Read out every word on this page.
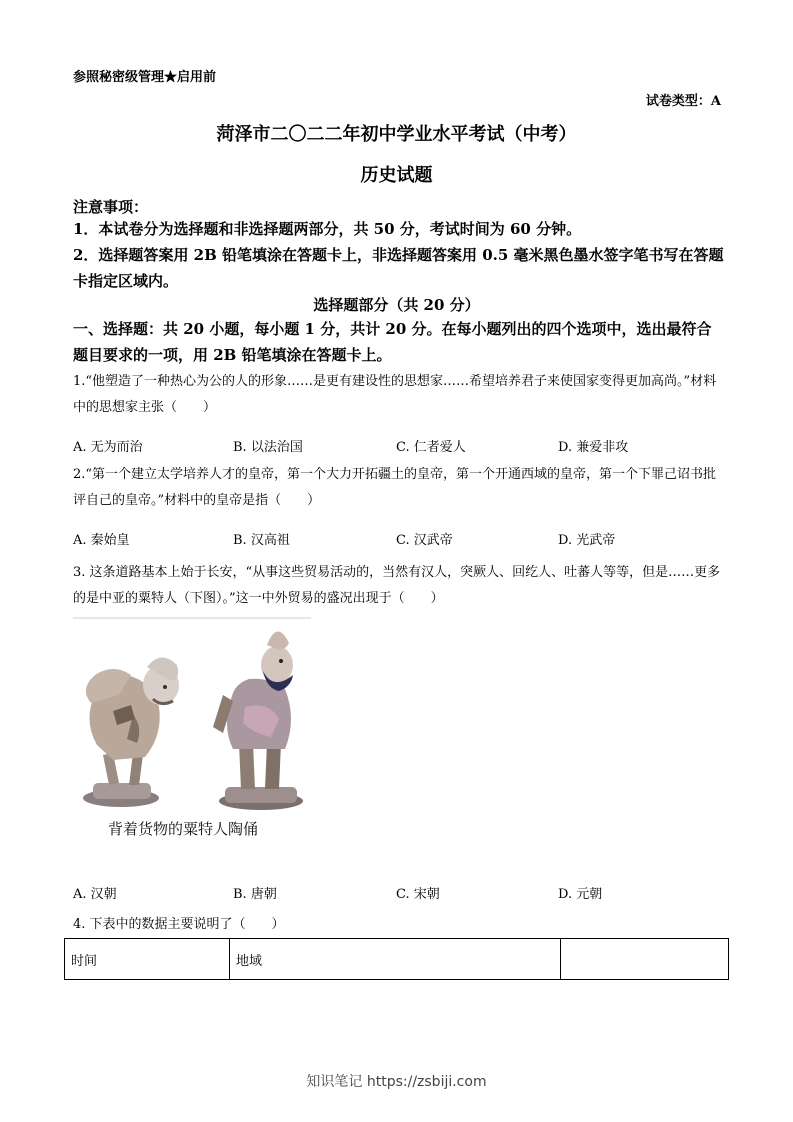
参照秘密级管理★启用前
试卷类型：A
菏泽市二〇二二年初中学业水平考试（中考）
历史试题
注意事项：
1．本试卷分为选择题和非选择题两部分，共 50 分，考试时间为 60 分钟。
2．选择题答案用 2B 铅笔填涂在答题卡上，非选择题答案用 0.5 毫米黑色墨水签字笔书写在答题卡指定区域内。
选择题部分（共 20 分）
一、选择题：共 20 小题，每小题 1 分，共计 20 分。在每小题列出的四个选项中，选出最符合题目要求的一项，用 2B 铅笔填涂在答题卡上。
1.“他塑造了一种热心为公的人的形象……是更有建设性的思想家……希望培养君子来使国家变得更加高尚。”材料中的思想家主张（　　）
A. 无为而治	B. 以法治国	C. 仁者爱人	D. 兼爱非攻
2.“第一个建立太学培养人才的皇帝，第一个大力开拓疆土的皇帝，第一个开通西域的皇帝，第一个下罪己诏书批评自己的皇帝。”材料中的皇帝是指（　　）
A. 秦始皇	B. 汉高祖	C. 汉武帝	D. 光武帝
3. 这条道路基本上始于长安，“从事这些贸易活动的，当然有汉人，突厥人、回纥人、吐蕃人等等，但是……更多的是中亚的粟特人（下图）。”这一中外贸易的盛况出现于（　　）
背着货物的粟特人陶俑
A. 汉朝	B. 唐朝	C. 宋朝	D. 元朝
4. 下表中的数据主要说明了（　　）
时间	地域	
知识笔记 https://zsbiji.com
